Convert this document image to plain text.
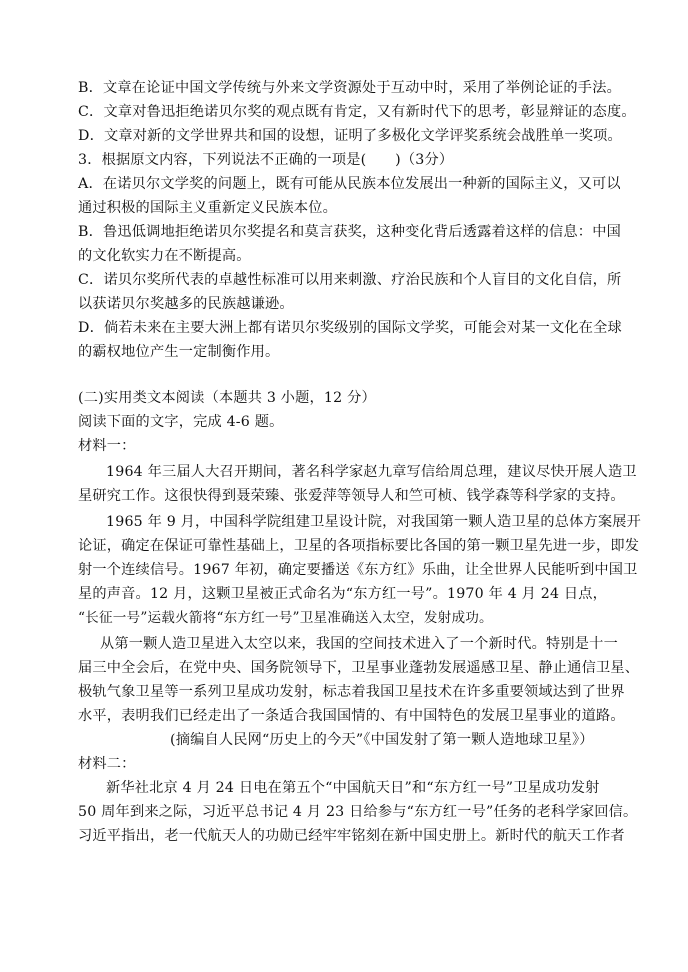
B．文章在论证中国文学传统与外来文学资源处于互动中时，采用了举例论证的手法。
C．文章对鲁迅拒绝诺贝尔奖的观点既有肯定，又有新时代下的思考，彰显辩证的态度。
D．文章对新的文学世界共和国的设想，证明了多极化文学评奖系统会战胜单一奖项。
3．根据原文内容，下列说法不正确的一项是(　　)（3分）
A．在诺贝尔文学奖的问题上，既有可能从民族本位发展出一种新的国际主义，又可以
通过积极的国际主义重新定义民族本位。
B．鲁迅低调地拒绝诺贝尔奖提名和莫言获奖，这种变化背后透露着这样的信息：中国
的文化软实力在不断提高。
C．诺贝尔奖所代表的卓越性标准可以用来刺激、疗治民族和个人盲目的文化自信，所
以获诺贝尔奖越多的民族越谦逊。
D．倘若未来在主要大洲上都有诺贝尔奖级别的国际文学奖，可能会对某一文化在全球
的霸权地位产生一定制衡作用。
(二)实用类文本阅读（本题共 3 小题，12 分）
阅读下面的文字，完成 4-6 题。
材料一：
1964 年三届人大召开期间，著名科学家赵九章写信给周总理，建议尽快开展人造卫
星研究工作。这很快得到聂荣臻、张爱萍等领导人和竺可桢、钱学森等科学家的支持。
1965 年 9 月，中国科学院组建卫星设计院，对我国第一颗人造卫星的总体方案展开
论证，确定在保证可靠性基础上，卫星的各项指标要比各国的第一颗卫星先进一步，即发
射一个连续信号。1967 年初，确定要播送《东方红》乐曲，让全世界人民能听到中国卫
星的声音。12 月，这颗卫星被正式命名为“东方红一号”。1970 年 4 月 24 日点，
“长征一号”运载火箭将“东方红一号”卫星准确送入太空，发射成功。
从第一颗人造卫星进入太空以来，我国的空间技术进入了一个新时代。特别是十一
届三中全会后，在党中央、国务院领导下，卫星事业蓬勃发展遥感卫星、静止通信卫星、
极轨气象卫星等一系列卫星成功发射，标志着我国卫星技术在许多重要领域达到了世界
水平，表明我们已经走出了一条适合我国国情的、有中国特色的发展卫星事业的道路。
(摘编自人民网“历史上的今天”《中国发射了第一颗人造地球卫星》）
材料二：
新华社北京 4 月 24 日电在第五个“中国航天日”和“东方红一号”卫星成功发射
50 周年到来之际，习近平总书记 4 月 23 日给参与“东方红一号”任务的老科学家回信。
习近平指出，老一代航天人的功勋已经牢牢铭刻在新中国史册上。新时代的航天工作者
